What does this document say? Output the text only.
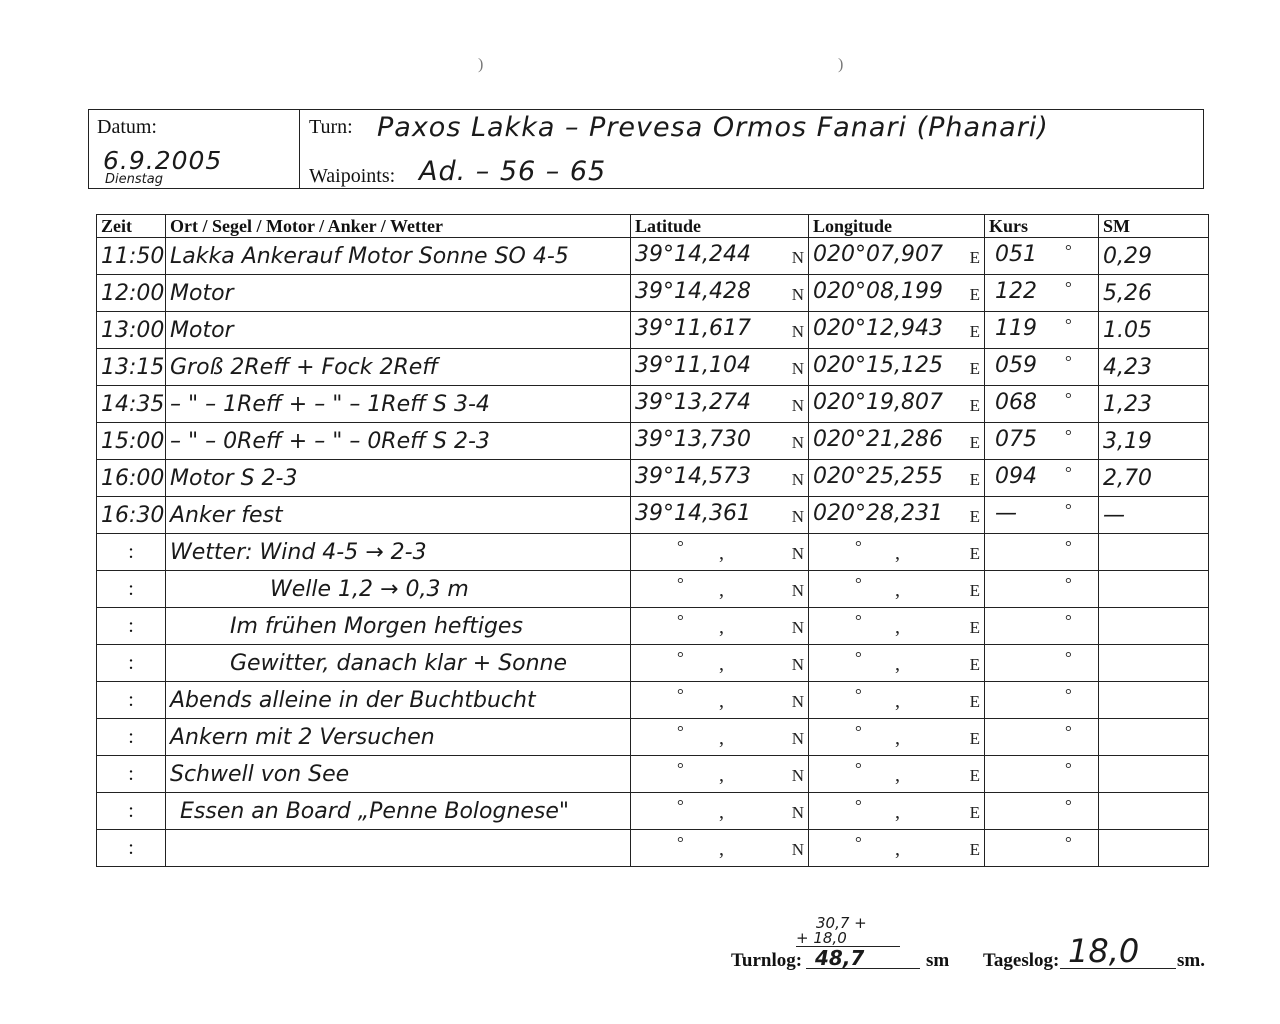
)	)
Datum:
6.9.2005
Dienstag
Turn: Paxos Lakka – Prevesa Ormos Fanari (Phanari)
Waipoints: Ad. – 56 – 65
Zeit	Ort / Segel / Motor / Anker / Wetter	Latitude	Longitude	Kurs	SM
11:50	Lakka Ankerauf Motor Sonne SO 4-5	39°14,244 N	020°07,907 E	051 °	0,29
12:00	Motor	39°14,428 N	020°08,199 E	122 °	5,26
13:00	Motor	39°11,617 N	020°12,943 E	119 °	1.05
13:15	Groß 2Reff + Fock 2Reff	39°11,104 N	020°15,125 E	059 °	4,23
14:35	– " – 1Reff + – " – 1Reff S 3-4	39°13,274 N	020°19,807 E	068 °	1,23
15:00	– " – 0Reff + – " – 0Reff S 2-3	39°13,730 N	020°21,286 E	075 °	3,19
16:00	Motor S 2-3	39°14,573 N	020°25,255 E	094 °	2,70
16:30	Anker fest	39°14,361 N	020°28,231 E	— °	—
:	Wetter: Wind 4-5 → 2-3	° , N	° , E	°	

:	Welle 1,2 → 0,3 m	° , N	° , E	°	

:	Im frühen Morgen heftiges	° , N	° , E	°	

:	Gewitter, danach klar + Sonne	° , N	° , E	°	

:	Abends alleine in der Buchtbucht	° , N	° , E	°	

:	Ankern mit 2 Versuchen	° , N	° , E	°	

:	Schwell von See	° , N	° , E	°	

:	Essen an Board „Penne Bolognese"	° , N	° , E	°	

:		° , N	° , E	°	

30,7 +
+ 18,0
Turnlog: 48,7	sm Tageslog: 18,0 sm.
